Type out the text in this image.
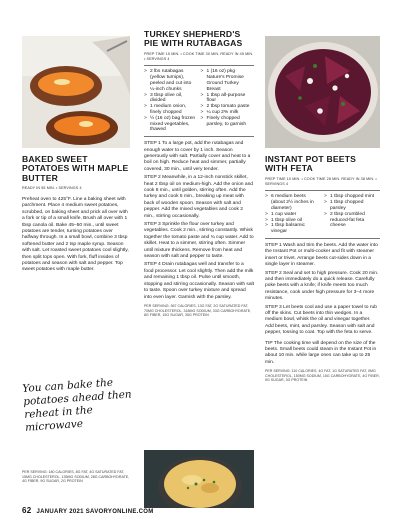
BAKED SWEET POTATOES WITH MAPLE BUTTER
READY IN 55 MIN. • SERVINGS 4

Preheat oven to 425°F. Line a baking sheet with parchment. Place 4 medium sweet potatoes, scrubbed, on baking sheet and prick all over with a fork or tip of a small knife. Brush all over with 1 tbsp canola oil. Bake 45–50 min., until sweet potatoes are tender, turning potatoes over halfway through. In a small bowl, combine 3 tbsp softened butter and 2 tsp maple syrup. Season with salt. Let roasted sweet potatoes cool slightly, then split tops open. With fork, fluff insides of potatoes and season with salt and pepper. Top sweet potatoes with maple butter.

You can bake the potatoes ahead then reheat in the microwave
PER SERVING: 180 CALORIES, 8G FAT, 4G SATURATED FAT, 15MG CHOLESTEROL, 135MG SODIUM, 28G CARBOHYDRATE, 4G FIBER, 9G SUGAR, 2G PROTEIN
TURKEY SHEPHERD'S PIE WITH RUTABAGAS
PREP TIME 15 MIN. • COOK TIME 30 MIN. READY IN 45 MIN. • SERVINGS 4
> 2 lbs rutabagas (yellow turnips), peeled and cut into ¼-inch chunks
> 3 tbsp olive oil, divided
> 1 medium onion, finely chopped
> ½ (16 oz) bag frozen mixed vegetables, thawed
> 1 (16 oz) pkg Nature's Promise Ground Turkey Breast
> 1 tbsp all-purpose flour
> 2 tbsp tomato paste
> ¼ cup 2% milk
> Finely chopped parsley, to garnish

STEP 1 To a large pot, add the rutabagas and enough water to cover by 1 inch. Season generously with salt. Partially cover and heat to a boil on high. Reduce heat and simmer, partially covered, 30 min., until very tender.

STEP 2 Meanwhile, in a 12-inch nonstick skillet, heat 2 tbsp oil on medium-high. Add the onion and cook 8 min., until golden, stirring often. Add the turkey and cook 5 min., breaking up meat with back of wooden spoon. Season with salt and pepper. Add the mixed vegetables and cook 2 min., stirring occasionally.

STEP 3 Sprinkle the flour over turkey and vegetables. Cook 2 min., stirring constantly. Whisk together the tomato paste and ¾ cup water. Add to skillet. Heat to a simmer, stirring often. Simmer until mixture thickens. Remove from heat and season with salt and pepper to taste.

STEP 4 Drain rutabagas well and transfer to a food processor. Let cool slightly. Then add the milk and remaining 1 tbsp oil. Pulse until smooth, stopping and stirring occasionally. Season with salt to taste. Spoon over turkey mixture and spread into even layer. Garnish with the parsley.

PER SERVING: 367 CALORIES, 13G FAT, 2G SATURATED FAT, 70MG CHOLESTEROL, 318MG SODIUM, 33G CARBOHYDRATE, 8G FIBER, 15G SUGAR, 35G PROTEIN
INSTANT POT BEETS WITH FETA
PREP TIME 10 MIN. • COOK TIME 28 MIN. READY IN 38 MIN. • SERVINGS 4
> 6 medium beets (about 2½ inches in diameter)
> 1 cup water
> 1 tbsp olive oil
> 1 tbsp balsamic vinegar
> 1 tbsp chopped mint
> 1 tbsp chopped parsley
> 2 tbsp crumbled reduced-fat feta cheese

STEP 1 Wash and trim the beets. Add the water into the Instant Pot or multi-cooker and fit with steamer insert or trivet. Arrange beets cut-sides down in a single layer in steamer.

STEP 2 Seal and set to high pressure. Cook 20 min. and then immediately do a quick release. Carefully poke beets with a knife; if knife meets too much resistance, cook under high pressure for 3–4 more minutes.

STEP 3 Let beets cool and use a paper towel to rub off the skins. Cut beets into thin wedges. In a medium bowl, whisk the oil and vinegar together. Add beets, mint, and parsley. Season with salt and pepper, tossing to coat. Top with the feta to serve.

TIP The cooking time will depend on the size of the beets. Small beets could steam in the Instant Pot in about 10 min. while large ones can take up to 25 min.

PER SERVING: 110 CALORIES, 4G FAT, 1G SATURATED FAT, 0MG CHOLESTEROL, 150MG SODIUM, 15G CARBOHYDRATE, 4G FIBER, 9G SUGAR, 3G PROTEIN
62 JANUARY 2021 SAVORYONLINE.COM
